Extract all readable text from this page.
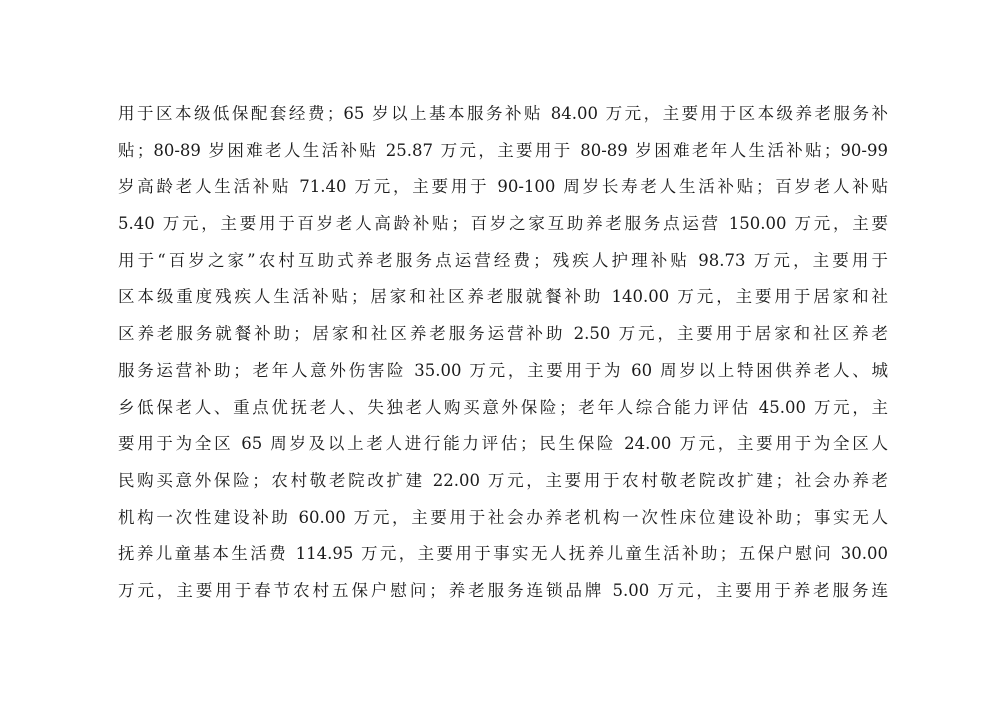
用于区本级低保配套经费；65 岁以上基本服务补贴 84.00 万元，主要用于区本级养老服务补
贴；80-89 岁困难老人生活补贴 25.87 万元，主要用于 80-89 岁困难老年人生活补贴；90-99
岁高龄老人生活补贴 71.40 万元，主要用于 90-100 周岁长寿老人生活补贴；百岁老人补贴
5.40 万元，主要用于百岁老人高龄补贴；百岁之家互助养老服务点运营 150.00 万元，主要
用于“百岁之家”农村互助式养老服务点运营经费；残疾人护理补贴 98.73 万元，主要用于
区本级重度残疾人生活补贴；居家和社区养老服就餐补助 140.00 万元，主要用于居家和社
区养老服务就餐补助；居家和社区养老服务运营补助 2.50 万元，主要用于居家和社区养老
服务运营补助；老年人意外伤害险 35.00 万元，主要用于为 60 周岁以上特困供养老人、城
乡低保老人、重点优抚老人、失独老人购买意外保险；老年人综合能力评估 45.00 万元，主
要用于为全区 65 周岁及以上老人进行能力评估；民生保险 24.00 万元，主要用于为全区人
民购买意外保险；农村敬老院改扩建 22.00 万元，主要用于农村敬老院改扩建；社会办养老
机构一次性建设补助 60.00 万元，主要用于社会办养老机构一次性床位建设补助；事实无人
抚养儿童基本生活费 114.95 万元，主要用于事实无人抚养儿童生活补助；五保户慰问 30.00
万元，主要用于春节农村五保户慰问；养老服务连锁品牌 5.00 万元，主要用于养老服务连
